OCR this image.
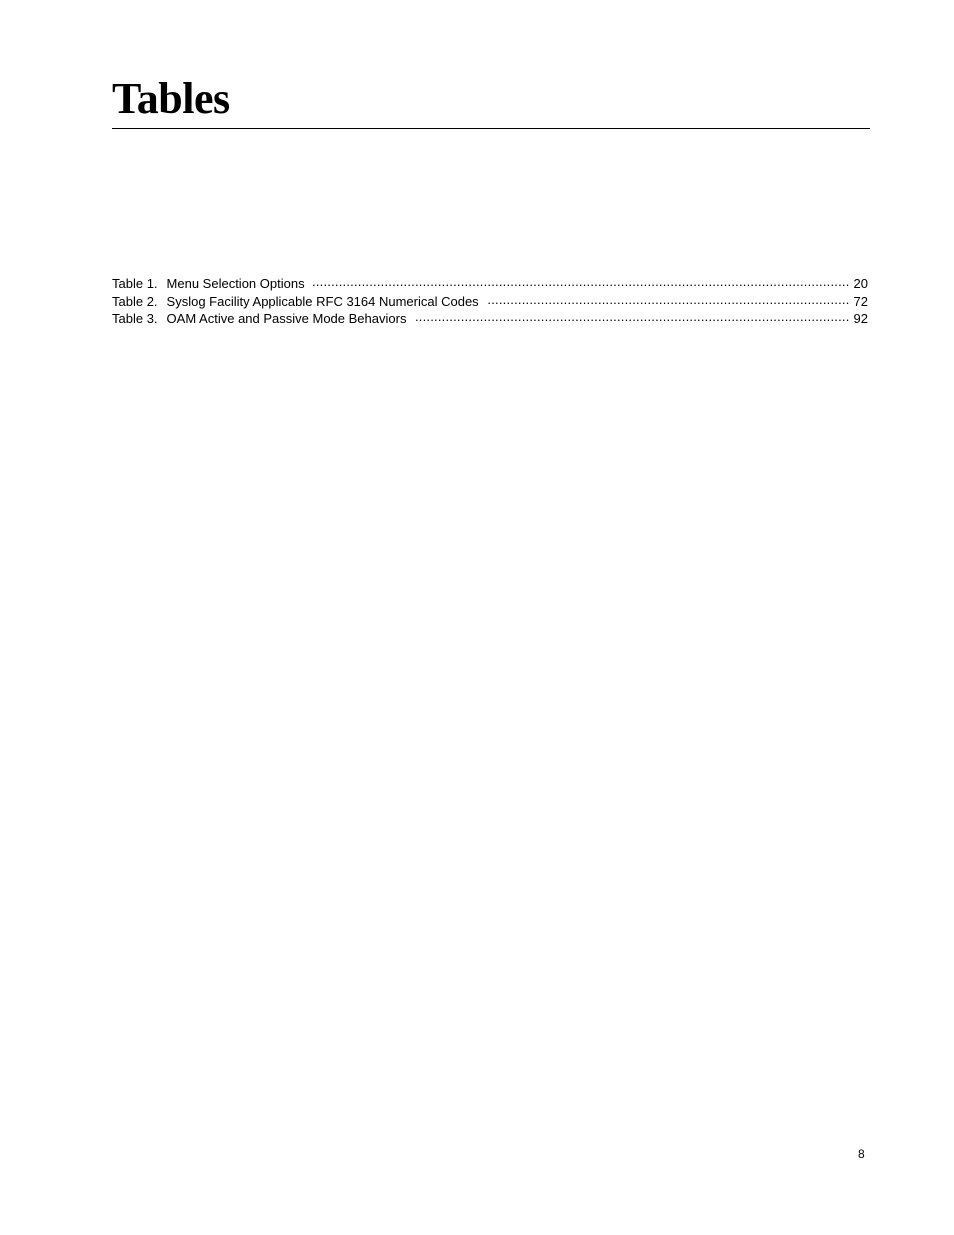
Tables
Table 1. Menu Selection Options .....	20
Table 2. Syslog Facility Applicable RFC 3164 Numerical Codes .....	72
Table 3. OAM Active and Passive Mode Behaviors .....	92
8
